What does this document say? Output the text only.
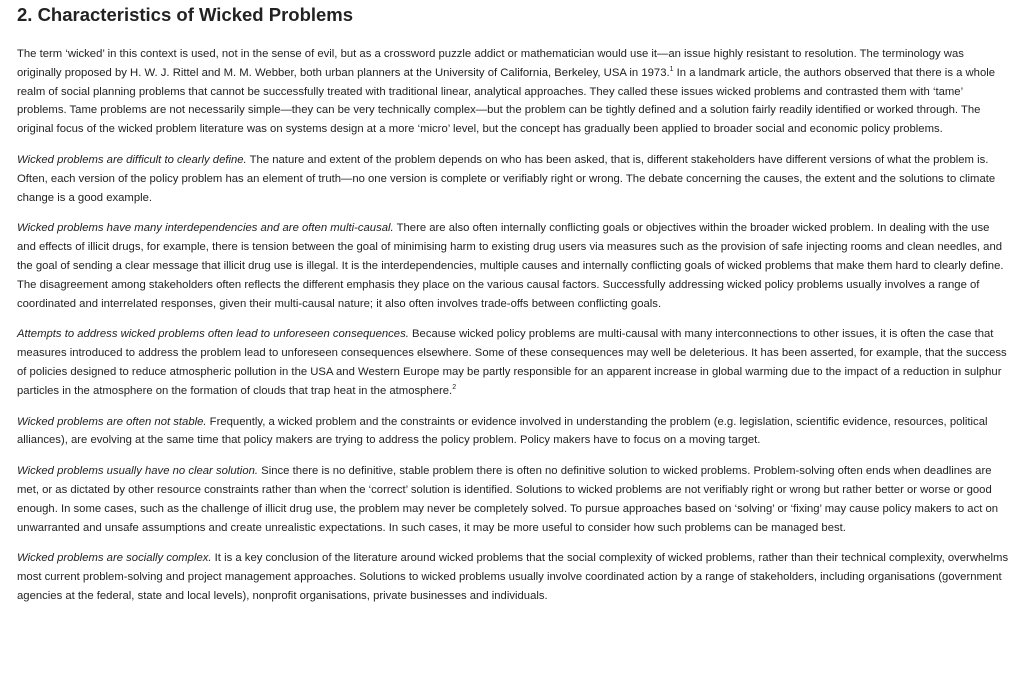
2. Characteristics of Wicked Problems

The term ‘wicked’ in this context is used, not in the sense of evil, but as a crossword puzzle addict or mathematician would use it—an issue highly resistant to resolution. The terminology was originally proposed by H. W. J. Rittel and M. M. Webber, both urban planners at the University of California, Berkeley, USA in 1973.$^1$ In a landmark article, the authors observed that there is a whole realm of social planning problems that cannot be successfully treated with traditional linear, analytical approaches. They called these issues wicked problems and contrasted them with ‘tame’ problems. Tame problems are not necessarily simple—they can be very technically complex—but the problem can be tightly defined and a solution fairly readily identified or worked through. The original focus of the wicked problem literature was on systems design at a more ‘micro’ level, but the concept has gradually been applied to broader social and economic policy problems.

Wicked problems are difficult to clearly define. The nature and extent of the problem depends on who has been asked, that is, different stakeholders have different versions of what the problem is. Often, each version of the policy problem has an element of truth—no one version is complete or verifiably right or wrong. The debate concerning the causes, the extent and the solutions to climate change is a good example.

Wicked problems have many interdependencies and are often multi-causal. There are also often internally conflicting goals or objectives within the broader wicked problem. In dealing with the use and effects of illicit drugs, for example, there is tension between the goal of minimising harm to existing drug users via measures such as the provision of safe injecting rooms and clean needles, and the goal of sending a clear message that illicit drug use is illegal. It is the interdependencies, multiple causes and internally conflicting goals of wicked problems that make them hard to clearly define. The disagreement among stakeholders often reflects the different emphasis they place on the various causal factors. Successfully addressing wicked policy problems usually involves a range of coordinated and interrelated responses, given their multi-causal nature; it also often involves trade-offs between conflicting goals.

Attempts to address wicked problems often lead to unforeseen consequences. Because wicked policy problems are multi-causal with many interconnections to other issues, it is often the case that measures introduced to address the problem lead to unforeseen consequences elsewhere. Some of these consequences may well be deleterious. It has been asserted, for example, that the success of policies designed to reduce atmospheric pollution in the USA and Western Europe may be partly responsible for an apparent increase in global warming due to the impact of a reduction in sulphur particles in the atmosphere on the formation of clouds that trap heat in the atmosphere.$^2$

Wicked problems are often not stable. Frequently, a wicked problem and the constraints or evidence involved in understanding the problem (e.g. legislation, scientific evidence, resources, political alliances), are evolving at the same time that policy makers are trying to address the policy problem. Policy makers have to focus on a moving target.

Wicked problems usually have no clear solution. Since there is no definitive, stable problem there is often no definitive solution to wicked problems. Problem-solving often ends when deadlines are met, or as dictated by other resource constraints rather than when the ‘correct’ solution is identified. Solutions to wicked problems are not verifiably right or wrong but rather better or worse or good enough. In some cases, such as the challenge of illicit drug use, the problem may never be completely solved. To pursue approaches based on ‘solving’ or ‘fixing’ may cause policy makers to act on unwarranted and unsafe assumptions and create unrealistic expectations. In such cases, it may be more useful to consider how such problems can be managed best.

Wicked problems are socially complex. It is a key conclusion of the literature around wicked problems that the social complexity of wicked problems, rather than their technical complexity, overwhelms most current problem-solving and project management approaches. Solutions to wicked problems usually involve coordinated action by a range of stakeholders, including organisations (government agencies at the federal, state and local levels), nonprofit organisations, private businesses and individuals.
